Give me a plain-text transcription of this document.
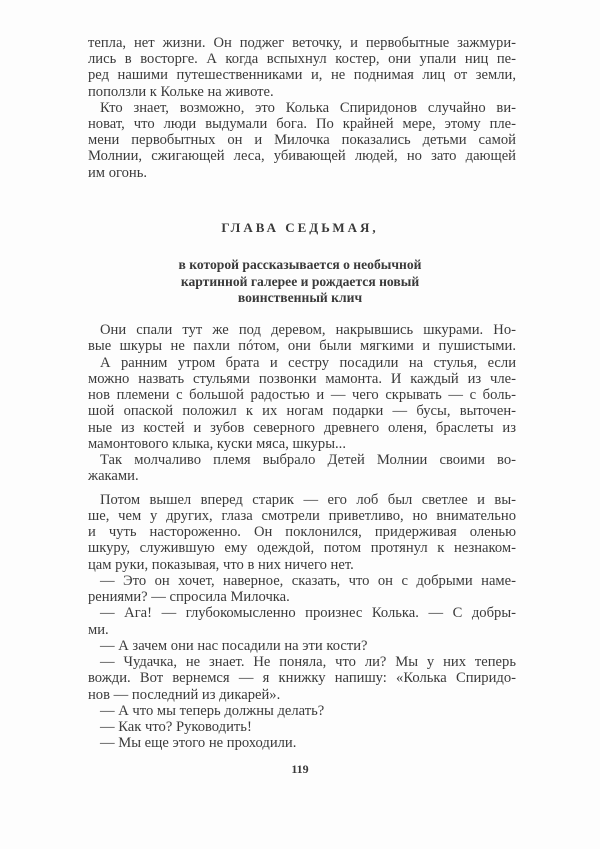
тепла, нет жизни. Он поджег веточку, и первобытные зажмури-
лись в восторге. А когда вспыхнул костер, они упали ниц пе-
ред нашими путешественниками и, не поднимая лиц от земли,
поползли к Кольке на животе.
Кто знает, возможно, это Колька Спиридонов случайно ви-
новат, что люди выдумали бога. По крайней мере, этому пле-
мени первобытных он и Милочка показались детьми самой
Молнии, сжигающей леса, убивающей людей, но зато дающей
им огонь.
ГЛАВА СЕДЬМАЯ,
в которой рассказывается о необычной
картинной галерее и рождается новый
воинственный клич
Они спали тут же под деревом, накрывшись шкурами. Но-
вые шкуры не пахли пóтом, они были мягкими и пушистыми.
А ранним утром брата и сестру посадили на стулья, если
можно назвать стульями позвонки мамонта. И каждый из чле-
нов племени с большой радостью и — чего скрывать — с боль-
шой опаской положил к их ногам подарки — бусы, выточен-
ные из костей и зубов северного древнего оленя, браслеты из
мамонтового клыка, куски мяса, шкуры...
Так молчаливо племя выбрало Детей Молнии своими во-
жаками.
Потом вышел вперед старик — его лоб был светлее и вы-
ше, чем у других, глаза смотрели приветливо, но внимательно
и чуть настороженно. Он поклонился, придерживая оленью
шкуру, служившую ему одеждой, потом протянул к незнаком-
цам руки, показывая, что в них ничего нет.
— Это он хочет, наверное, сказать, что он с добрыми наме-
рениями? — спросила Милочка.
— Ага! — глубокомысленно произнес Колька. — С добры-
ми.
— А зачем они нас посадили на эти кости?
— Чудачка, не знает. Не поняла, что ли? Мы у них теперь
вожди. Вот вернемся — я книжку напишу: «Колька Спиридо-
нов — последний из дикарей».
— А что мы теперь должны делать?
— Как что? Руководить!
— Мы еще этого не проходили.
119
